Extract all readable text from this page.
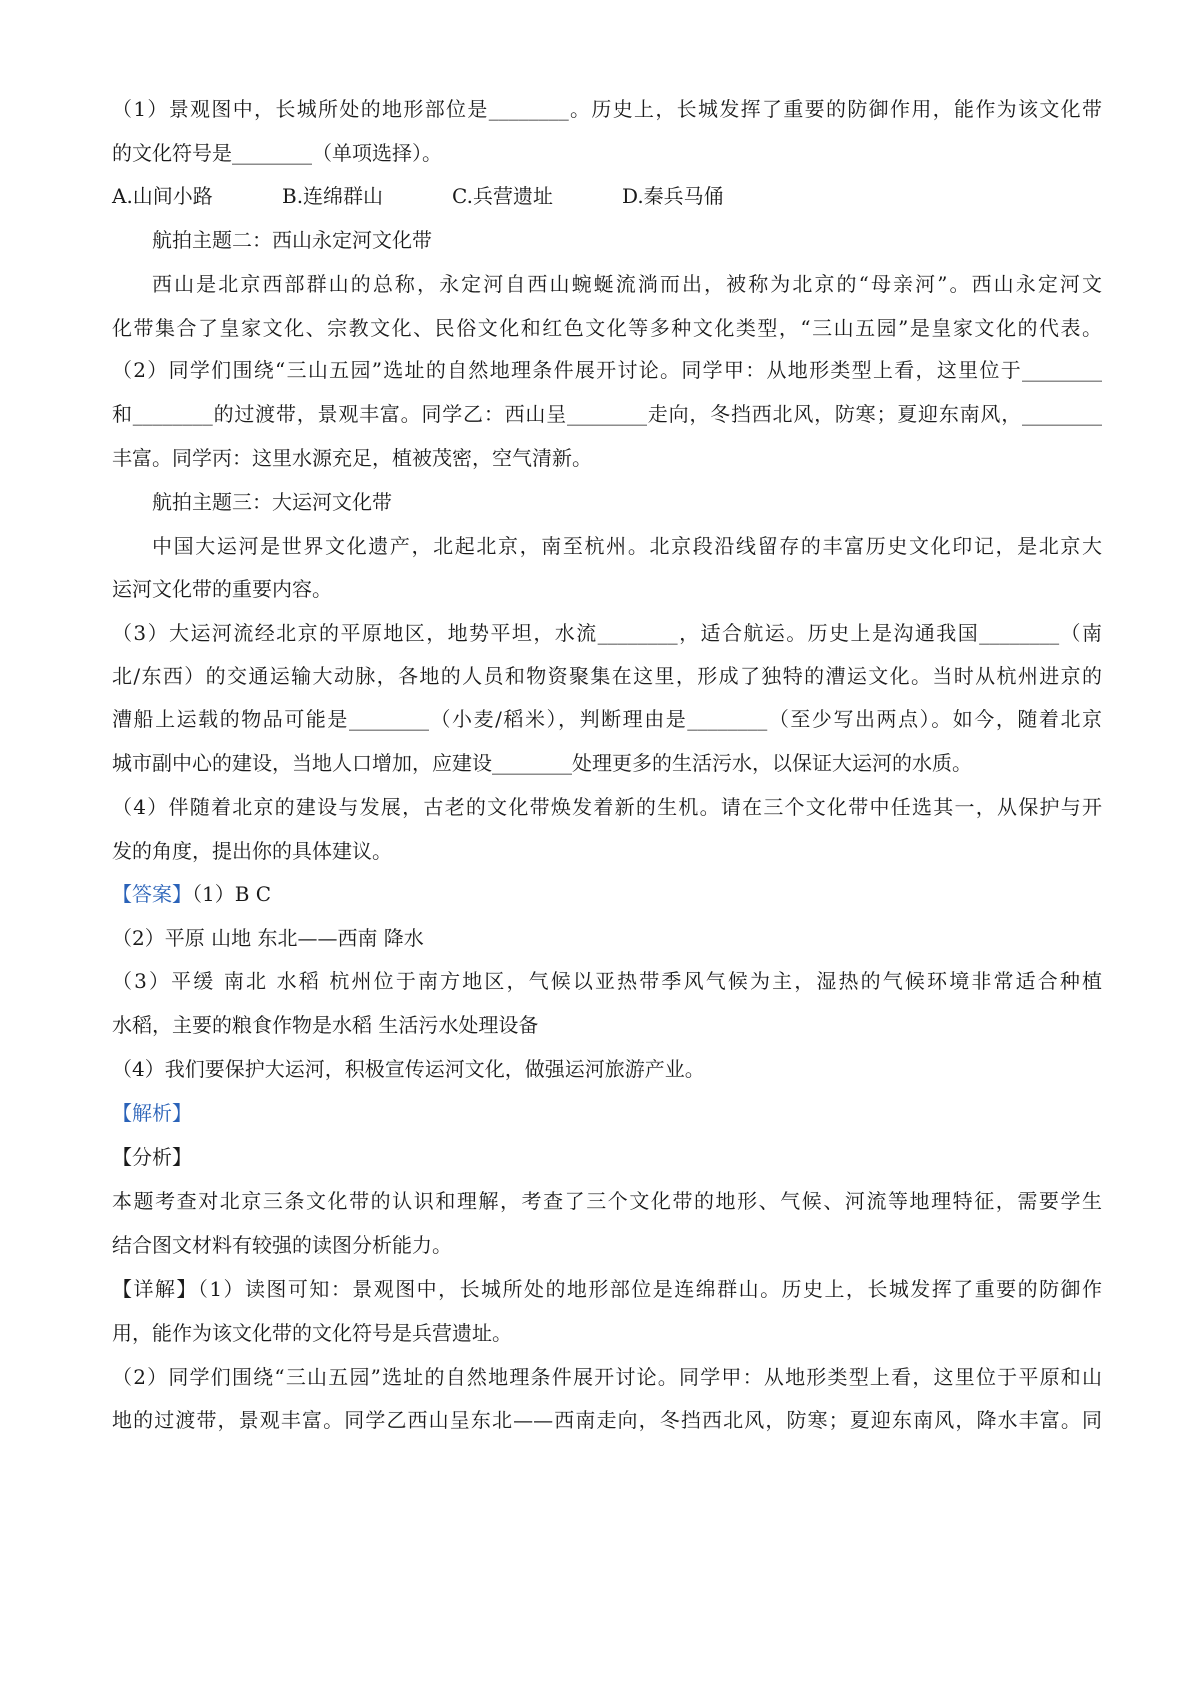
（1）景观图中，长城所处的地形部位是________。历史上，长城发挥了重要的防御作用，能作为该文化带
的文化符号是________（单项选择）。
A.山间小路	B.连绵群山	C.兵营遗址	D.秦兵马俑
航拍主题二：西山永定河文化带
西山是北京西部群山的总称，永定河自西山蜿蜒流淌而出，被称为北京的“母亲河”。西山永定河文
化带集合了皇家文化、宗教文化、民俗文化和红色文化等多种文化类型，“三山五园”是皇家文化的代表。
（2）同学们围绕“三山五园”选址的自然地理条件展开讨论。同学甲：从地形类型上看，这里位于________
和________的过渡带，景观丰富。同学乙：西山呈________走向，冬挡西北风，防寒；夏迎东南风，________
丰富。同学丙：这里水源充足，植被茂密，空气清新。
航拍主题三：大运河文化带
中国大运河是世界文化遗产，北起北京，南至杭州。北京段沿线留存的丰富历史文化印记，是北京大
运河文化带的重要内容。
（3）大运河流经北京的平原地区，地势平坦，水流________，适合航运。历史上是沟通我国________（南
北/东西）的交通运输大动脉，各地的人员和物资聚集在这里，形成了独特的漕运文化。当时从杭州进京的
漕船上运载的物品可能是________（小麦/稻米），判断理由是________（至少写出两点）。如今，随着北京
城市副中心的建设，当地人口增加，应建设________处理更多的生活污水，以保证大运河的水质。
（4）伴随着北京的建设与发展，古老的文化带焕发着新的生机。请在三个文化带中任选其一，从保护与开
发的角度，提出你的具体建议。
【答案】（1）B C
（2）平原 山地 东北——西南 降水
（3）平缓 南北 水稻 杭州位于南方地区，气候以亚热带季风气候为主，湿热的气候环境非常适合种植
水稻，主要的粮食作物是水稻 生活污水处理设备
（4）我们要保护大运河，积极宣传运河文化，做强运河旅游产业。
【解析】
【分析】
本题考查对北京三条文化带的认识和理解，考查了三个文化带的地形、气候、河流等地理特征，需要学生
结合图文材料有较强的读图分析能力。
【详解】（1）读图可知：景观图中，长城所处的地形部位是连绵群山。历史上，长城发挥了重要的防御作
用，能作为该文化带的文化符号是兵营遗址。
（2）同学们围绕“三山五园”选址的自然地理条件展开讨论。同学甲：从地形类型上看，这里位于平原和山
地的过渡带，景观丰富。同学乙西山呈东北——西南走向，冬挡西北风，防寒；夏迎东南风，降水丰富。同
